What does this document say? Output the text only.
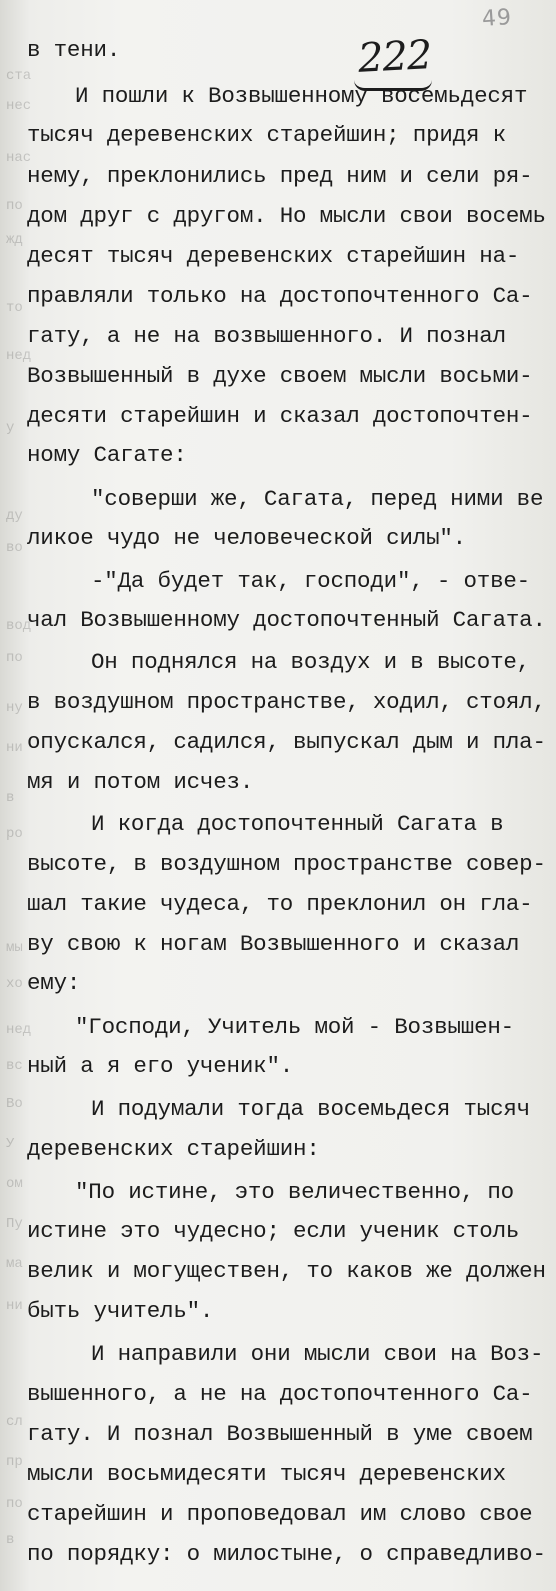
ста
нес
нас
по
жд
то
нед
у
ду
во
вод
по
ну
ни
в
ро
мы
хо
нед
вс
Во
У
ом
Пу
ма
ни
сл
пр
по
в
49
222
в тени.
И пошли к Возвышенному восемьдесят
тысяч деревенских старейшин; придя к
нему, преклонились пред ним и сели ря-
дом друг с другом. Но мысли свои восемь
десят тысяч деревенских старейшин на-
правляли только на достопочтенного Са-
гату, а не на возвышенного. И познал
Возвышенный в духе своем мысли восьми-
десяти старейшин и сказал достопочтен-
ному Сагате:
"соверши же, Сагата, перед ними ве
ликое чудо не человеческой силы".
-"Да будет так, господи", - отве-
чал Возвышенному достопочтенный Сагата.
Он поднялся на воздух и в высоте,
в воздушном пространстве, ходил, стоял,
опускался, садился, выпускал дым и пла-
мя и потом исчез.
И когда достопочтенный Сагата в
высоте, в воздушном пространстве совер-
шал такие чудеса, то преклонил он гла-
ву свою к ногам Возвышенного и сказал
ему:
"Господи, Учитель мой - Возвышен-
ный а я его ученик".
И подумали тогда восемьдеся тысяч
деревенских старейшин:
"По истине, это величественно, по
истине это чудесно; если ученик столь
велик и могуществен, то каков же должен
быть учитель".
И направили они мысли свои на Воз-
вышенного, а не на достопочтенного Са-
гату. И познал Возвышенный в уме своем
мысли восьмидесяти тысяч деревенских
старейшин и проповедовал им слово свое
по порядку: о милостыне, о справедливо-
